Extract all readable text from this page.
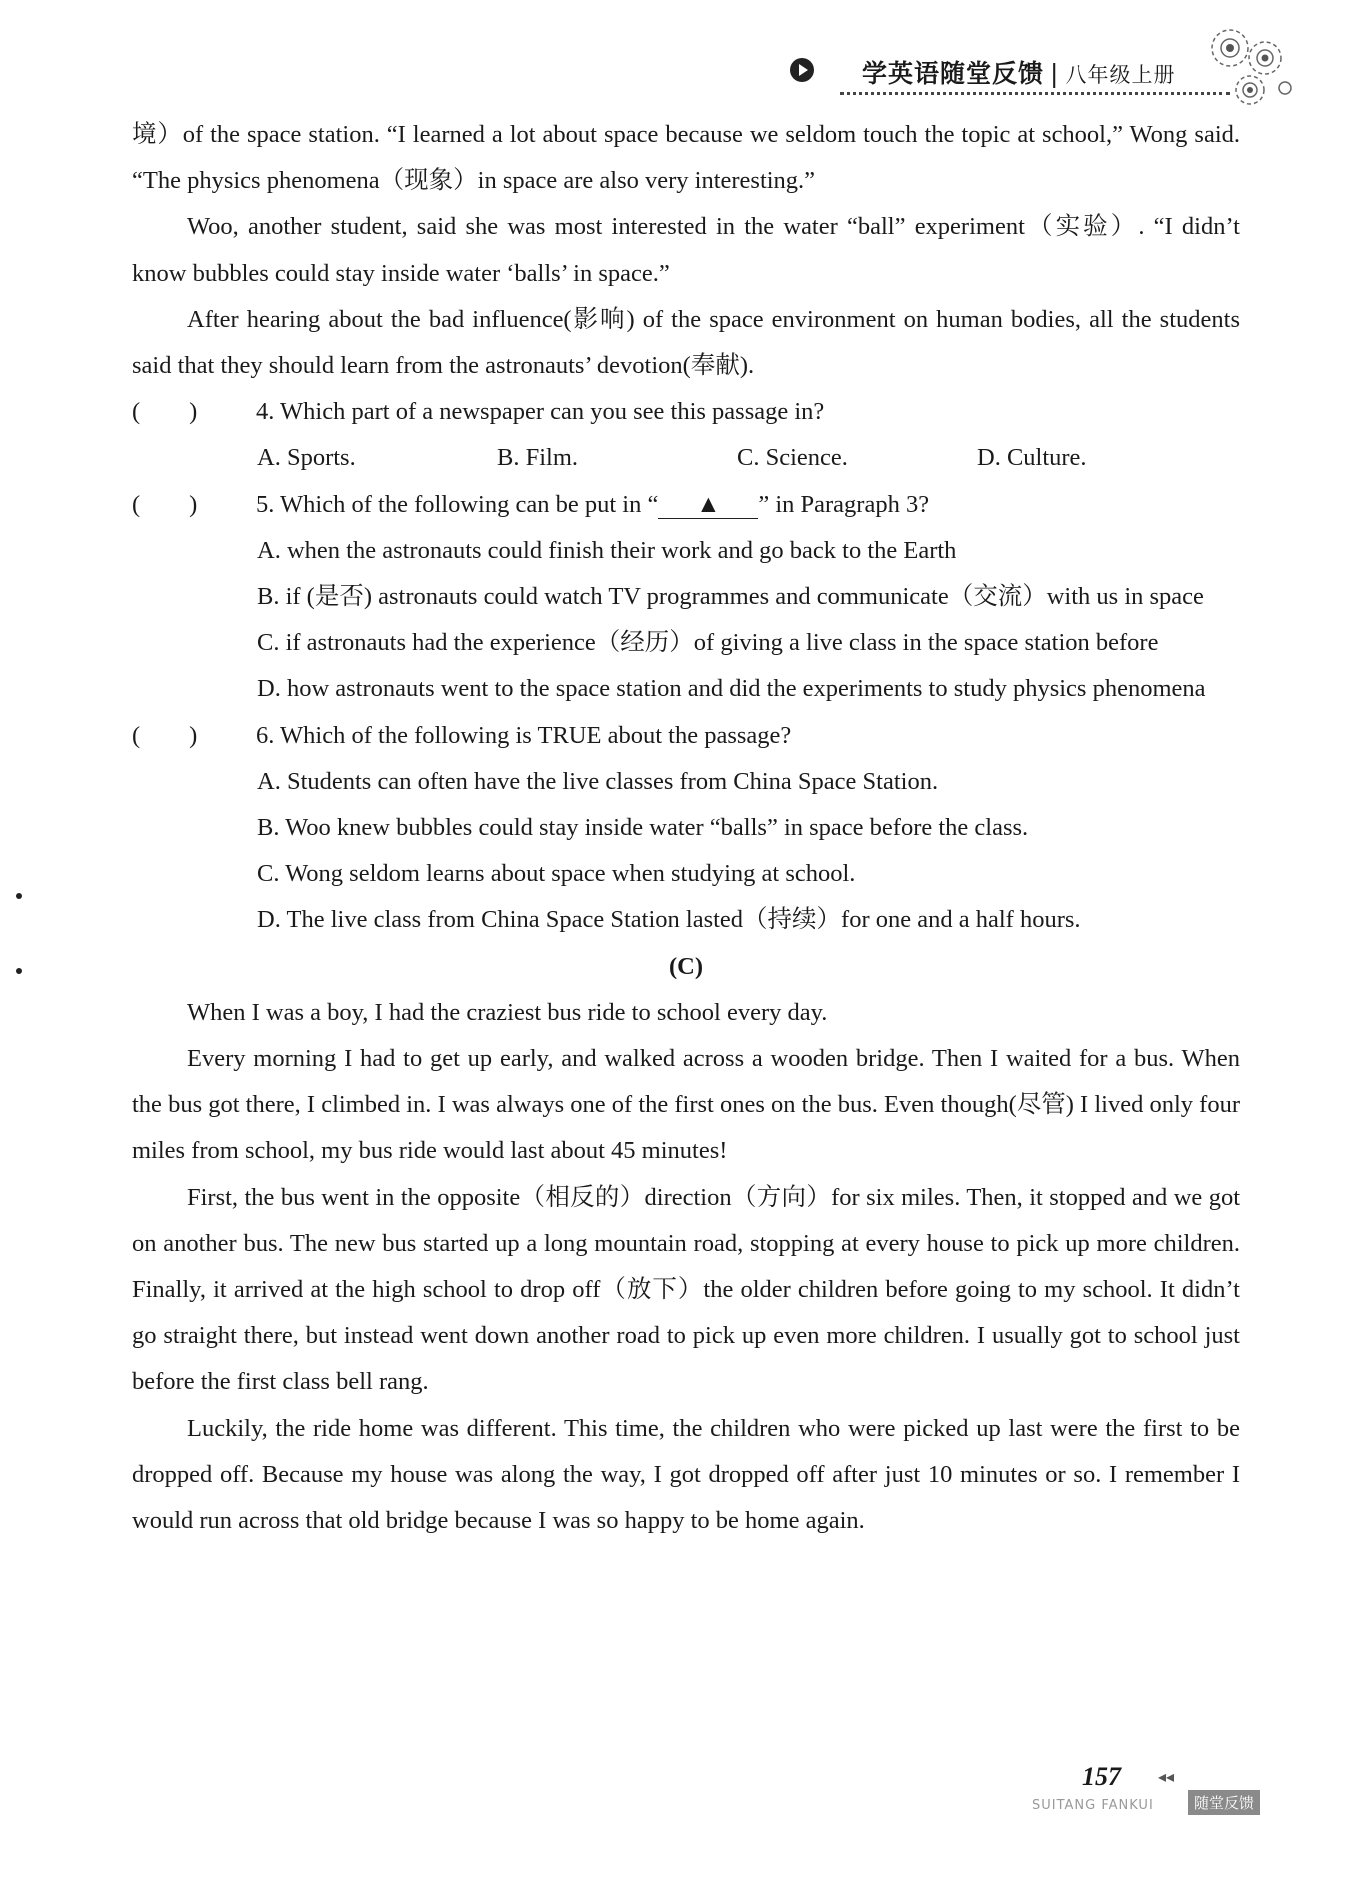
学英语随堂反馈 | 八年级上册

境）of the space station. “I learned a lot about space because we seldom touch the topic at school,” Wong said. “The physics phenomena（现象）in space are also very interesting.”

Woo, another student, said she was most interested in the water “ball” experiment（实验）. “I didn’t know bubbles could stay inside water ‘balls’ in space.”

After hearing about the bad influence(影响) of the space environment on human bodies, all the students said that they should learn from the astronauts’ devotion(奉献).

(        )	4. Which part of a newspaper can you see this passage in?
A. Sports.	B. Film.	C. Science.	D. Culture.
(        )	5. Which of the following can be put in “ ▲ ” in Paragraph 3?

A. when the astronauts could finish their work and go back to the Earth

B. if (是否) astronauts could watch TV programmes and communicate（交流）with us in space

C. if astronauts had the experience（经历）of giving a live class in the space station before

D. how astronauts went to the space station and did the experiments to study physics phenomena

(        )	6. Which of the following is TRUE about the passage?

A. Students can often have the live classes from China Space Station.

B. Woo knew bubbles could stay inside water “balls” in space before the class.

C. Wong seldom learns about space when studying at school.

D. The live class from China Space Station lasted（持续）for one and a half hours.

(C)

When I was a boy, I had the craziest bus ride to school every day.

Every morning I had to get up early, and walked across a wooden bridge. Then I waited for a bus. When the bus got there, I climbed in. I was always one of the first ones on the bus. Even though(尽管) I lived only four miles from school, my bus ride would last about 45 minutes!

First, the bus went in the opposite（相反的）direction（方向）for six miles. Then, it stopped and we got on another bus. The new bus started up a long mountain road, stopping at every house to pick up more children. Finally, it arrived at the high school to drop off（放下）the older children before going to my school. It didn’t go straight there, but instead went down another road to pick up even more children. I usually got to school just before the first class bell rang.

Luckily, the ride home was different. This time, the children who were picked up last were the first to be dropped off. Because my house was along the way, I got dropped off after just 10 minutes or so. I remember I would run across that old bridge because I was so happy to be home again.

157 ◂◂
SUITANG FANKUI	随堂反馈
